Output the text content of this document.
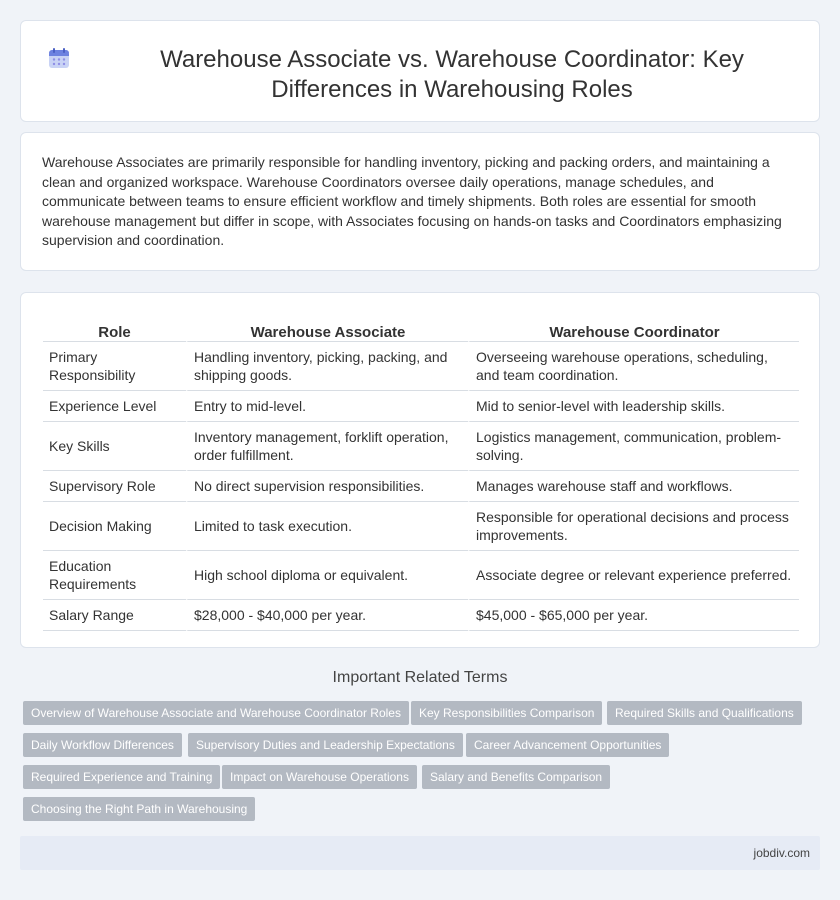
Warehouse Associate vs. Warehouse Coordinator: Key Differences in Warehousing Roles

Warehouse Associates are primarily responsible for handling inventory, picking and packing orders, and maintaining a clean and organized workspace. Warehouse Coordinators oversee daily operations, manage schedules, and communicate between teams to ensure efficient workflow and timely shipments. Both roles are essential for smooth warehouse management but differ in scope, with Associates focusing on hands-on tasks and Coordinators emphasizing supervision and coordination.

Role	Warehouse Associate	Warehouse Coordinator
Primary Responsibility	Handling inventory, picking, packing, and shipping goods.	Overseeing warehouse operations, scheduling, and team coordination.
Experience Level	Entry to mid-level.	Mid to senior-level with leadership skills.
Key Skills	Inventory management, forklift operation, order fulfillment.	Logistics management, communication, problem-solving.
Supervisory Role	No direct supervision responsibilities.	Manages warehouse staff and workflows.
Decision Making	Limited to task execution.	Responsible for operational decisions and process improvements.
Education Requirements	High school diploma or equivalent.	Associate degree or relevant experience preferred.
Salary Range	$28,000 - $40,000 per year.	$45,000 - $65,000 per year.
Important Related Terms
Overview of Warehouse Associate and Warehouse Coordinator Roles	Key Responsibilities Comparison	Required Skills and Qualifications
Daily Workflow Differences	Supervisory Duties and Leadership Expectations	Career Advancement Opportunities
Required Experience and Training	Impact on Warehouse Operations	Salary and Benefits Comparison
Choosing the Right Path in Warehousing
jobdiv.com
